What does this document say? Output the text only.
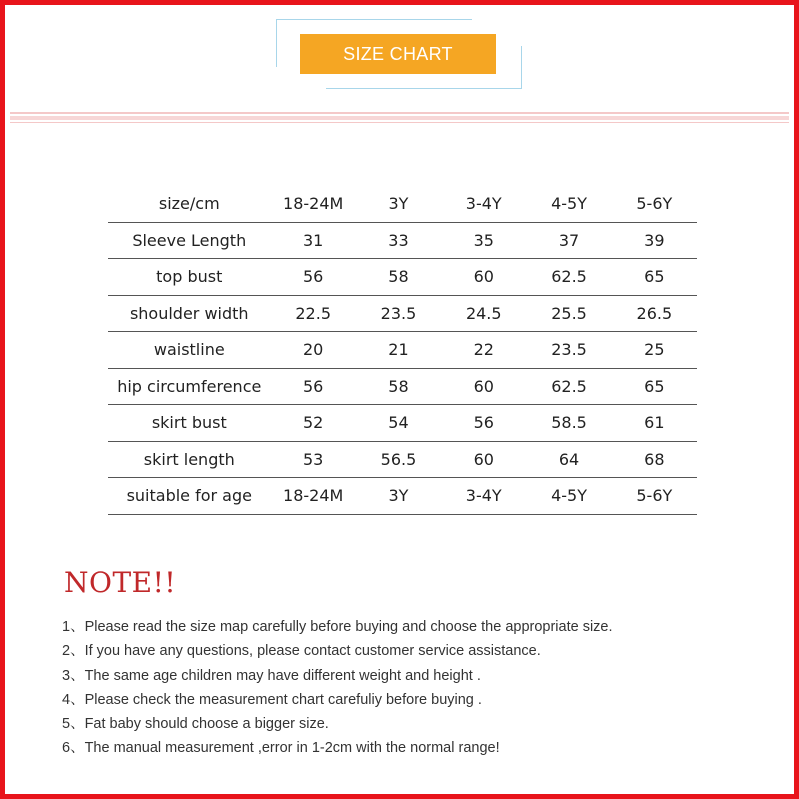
SIZE CHART
size/cm	18-24M	3Y	3-4Y	4-5Y	5-6Y
Sleeve Length	31	33	35	37	39
top bust	56	58	60	62.5	65
shoulder width	22.5	23.5	24.5	25.5	26.5
waistline	20	21	22	23.5	25
hip circumference	56	58	60	62.5	65
skirt bust	52	54	56	58.5	61
skirt length	53	56.5	60	64	68
suitable for age	18-24M	3Y	3-4Y	4-5Y	5-6Y
NOTE!!
1、Please read the size map carefully before buying and choose the appropriate size.
2、If you have any questions, please contact customer service assistance.
3、The same age children may have different weight and height .
4、Please check the measurement chart carefuliy before buying .
5、Fat baby should choose a bigger size.
6、The manual measurement ,error in 1-2cm with the normal range!
